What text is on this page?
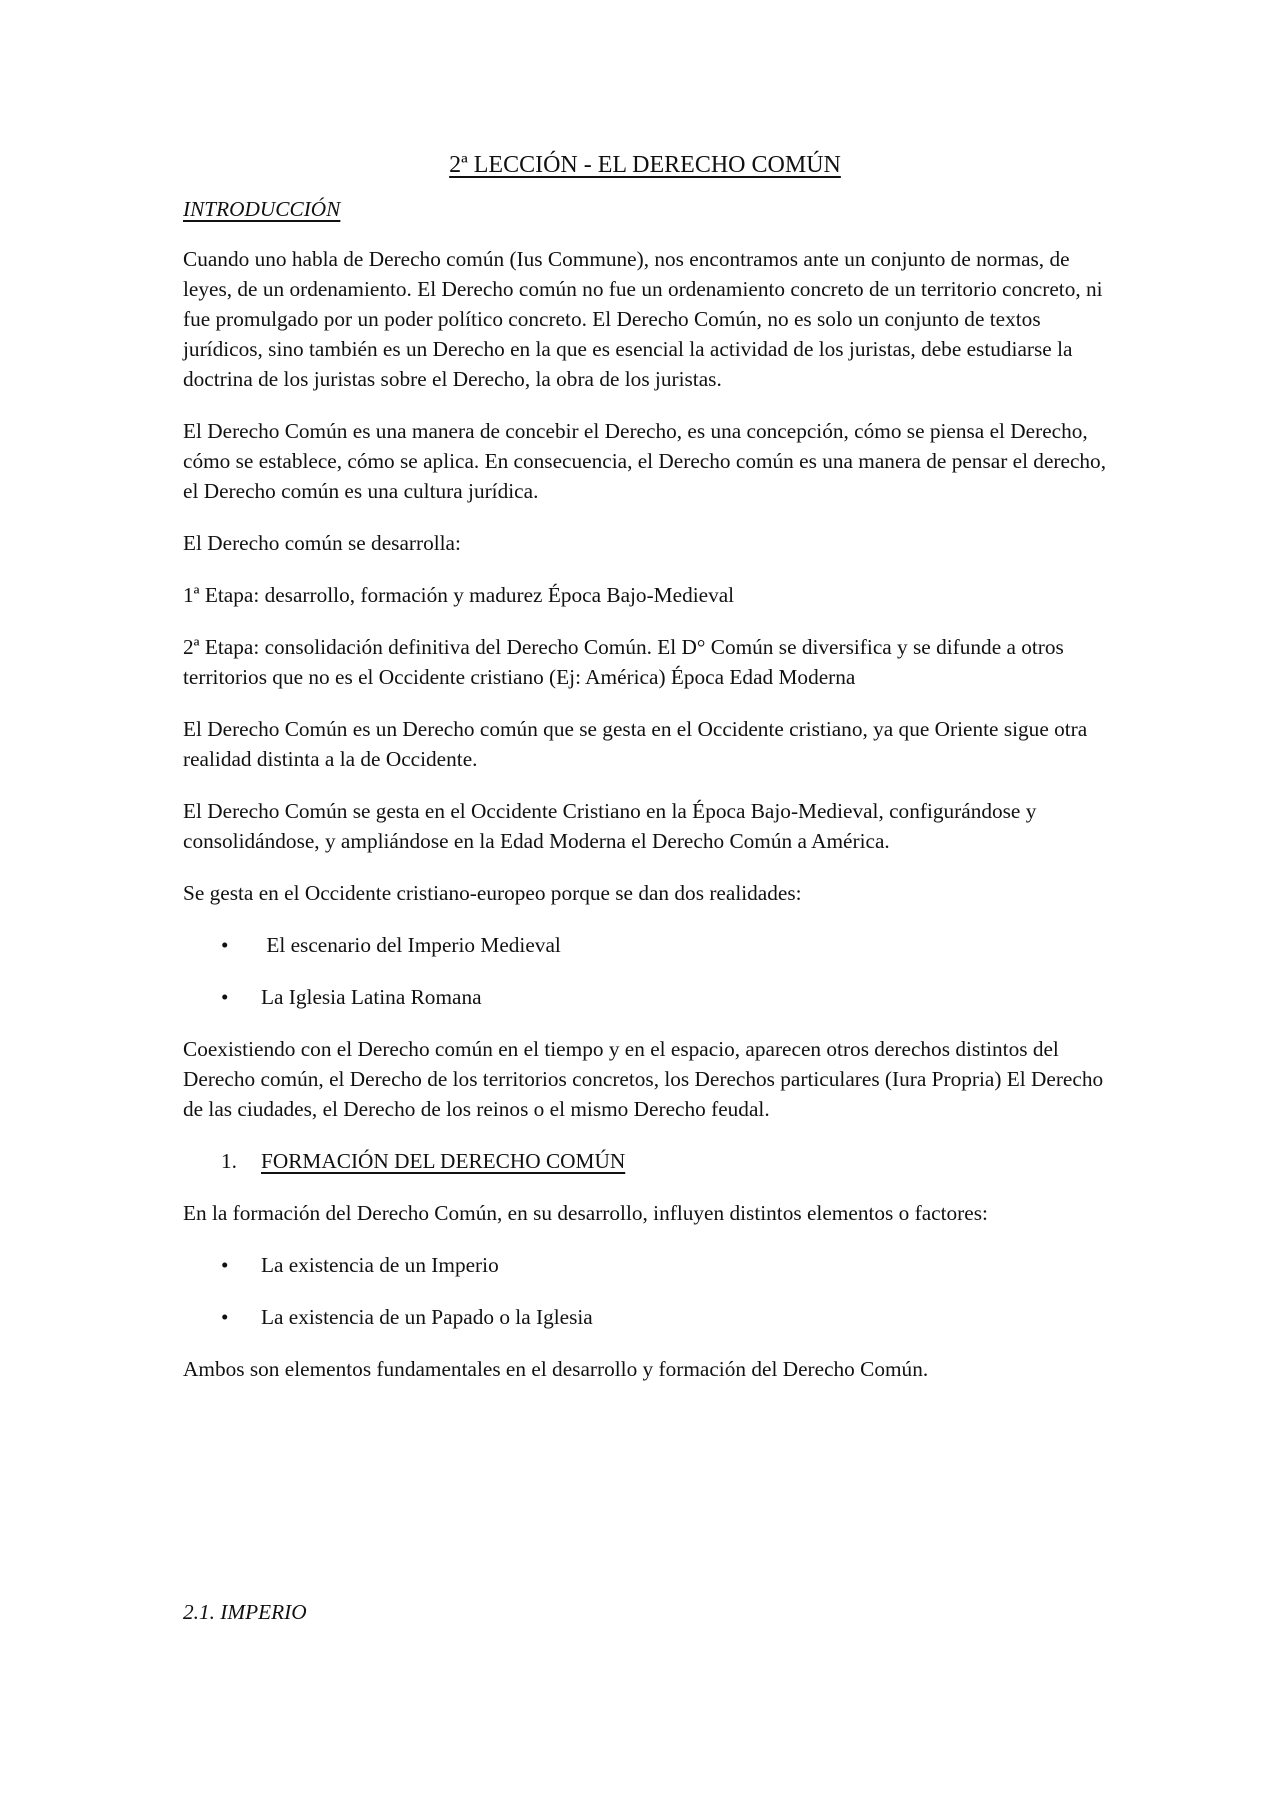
2ª LECCIÓN - EL DERECHO COMÚN
INTRODUCCIÓN

Cuando uno habla de Derecho común (Ius Commune), nos encontramos ante un conjunto de normas, de leyes, de un ordenamiento. El Derecho común no fue un ordenamiento concreto de un territorio concreto, ni fue promulgado por un poder político concreto. El Derecho Común, no es solo un conjunto de textos jurídicos, sino también es un Derecho en la que es esencial la actividad de los juristas, debe estudiarse la doctrina de los juristas sobre el Derecho, la obra de los juristas.

El Derecho Común es una manera de concebir el Derecho, es una concepción, cómo se piensa el Derecho, cómo se establece, cómo se aplica. En consecuencia, el Derecho común es una manera de pensar el derecho, el Derecho común es una cultura jurídica.

El Derecho común se desarrolla:

1ª Etapa: desarrollo, formación y madurez Época Bajo-Medieval

2ª Etapa: consolidación definitiva del Derecho Común. El D° Común se diversifica y se difunde a otros territorios que no es el Occidente cristiano (Ej: América) Época Edad Moderna

El Derecho Común es un Derecho común que se gesta en el Occidente cristiano, ya que Oriente sigue otra realidad distinta a la de Occidente.

El Derecho Común se gesta en el Occidente Cristiano en la Época Bajo-Medieval, configurándose y consolidándose, y ampliándose en la Edad Moderna el Derecho Común a América.

Se gesta en el Occidente cristiano-europeo porque se dan dos realidades:

• El escenario del Imperio Medieval
• La Iglesia Latina Romana

Coexistiendo con el Derecho común en el tiempo y en el espacio, aparecen otros derechos distintos del Derecho común, el Derecho de los territorios concretos, los Derechos particulares (Iura Propria) El Derecho de las ciudades, el Derecho de los reinos o el mismo Derecho feudal.

1. FORMACIÓN DEL DERECHO COMÚN

En la formación del Derecho Común, en su desarrollo, influyen distintos elementos o factores:

• La existencia de un Imperio
• La existencia de un Papado o la Iglesia

Ambos son elementos fundamentales en el desarrollo y formación del Derecho Común.

2.1. IMPERIO
